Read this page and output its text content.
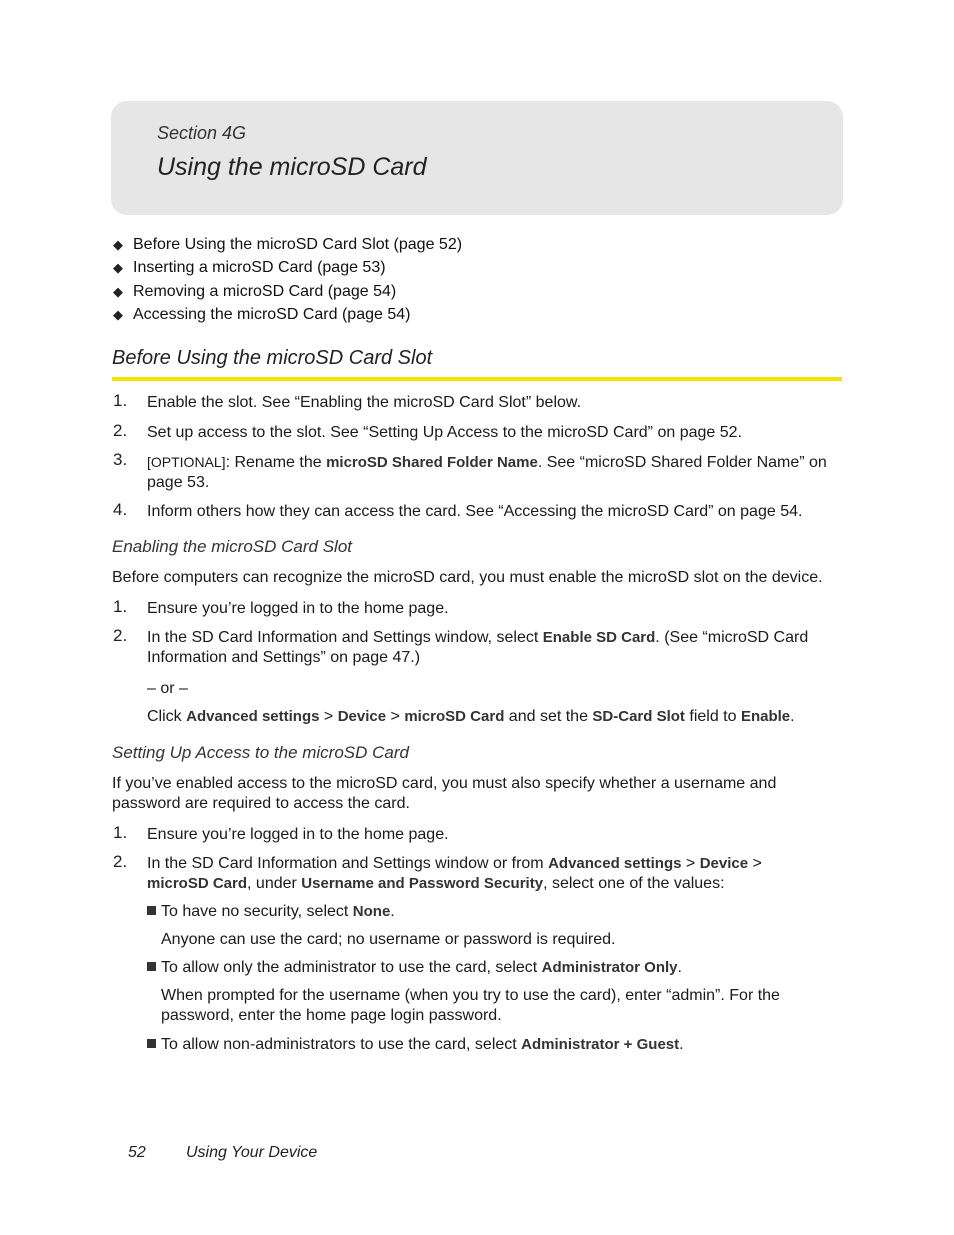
Section 4G
Using the microSD Card
◆ Before Using the microSD Card Slot (page 52)
◆ Inserting a microSD Card (page 53)
◆ Removing a microSD Card (page 54)
◆ Accessing the microSD Card (page 54)
Before Using the microSD Card Slot
1. Enable the slot. See “Enabling the microSD Card Slot” below.
2. Set up access to the slot. See “Setting Up Access to the microSD Card” on page 52.
3. [OPTIONAL]: Rename the microSD Shared Folder Name. See “microSD Shared Folder Name” on page 53.
4. Inform others how they can access the card. See “Accessing the microSD Card” on page 54.
Enabling the microSD Card Slot
Before computers can recognize the microSD card, you must enable the microSD slot on the device.
1. Ensure you’re logged in to the home page.
2. In the SD Card Information and Settings window, select Enable SD Card. (See “microSD Card Information and Settings” on page 47.)
– or –
Click Advanced settings > Device > microSD Card and set the SD-Card Slot field to Enable.
Setting Up Access to the microSD Card
If you’ve enabled access to the microSD card, you must also specify whether a username and password are required to access the card.
1. Ensure you’re logged in to the home page.
2. In the SD Card Information and Settings window or from Advanced settings > Device > microSD Card, under Username and Password Security, select one of the values:
To have no security, select None.
Anyone can use the card; no username or password is required.
To allow only the administrator to use the card, select Administrator Only.
When prompted for the username (when you try to use the card), enter “admin”. For the password, enter the home page login password.
To allow non-administrators to use the card, select Administrator + Guest.
52	Using Your Device
